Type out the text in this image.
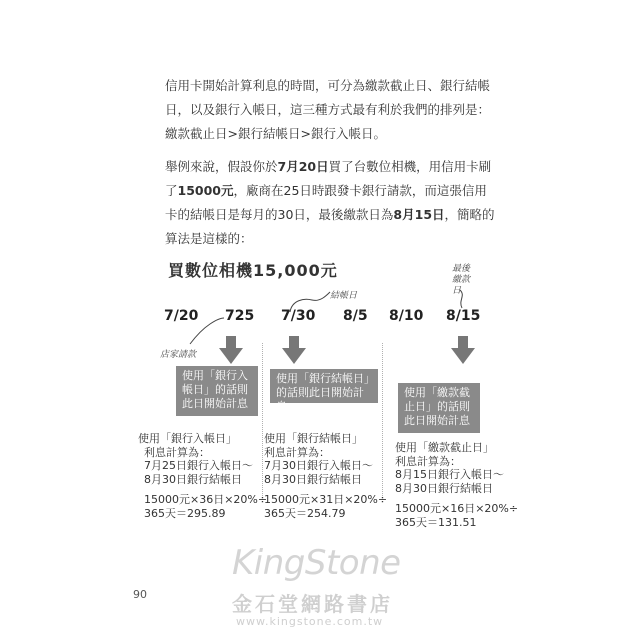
信用卡開始計算利息的時間，可分為繳款截止日、銀行結帳日，以及銀行入帳日，這三種方式最有利於我們的排列是：繳款截止日>銀行結帳日>銀行入帳日。
舉例來說，假設你於7月20日買了台數位相機，用信用卡刷了15000元，廠商在25日時跟發卡銀行請款，而這張信用卡的結帳日是每月的30日，最後繳款日為8月15日，簡略的算法是這樣的：
買數位相機15,000元
結帳日
最後繳款日
店家請款
7/20 725 7/30 8/5 8/10 8/15
使用「銀行入帳日」的話則此日開始計息
使用「銀行結帳日」的話則此日開始計息
使用「繳款截止日」的話則此日開始計息
使用「銀行入帳日」
利息計算為：
7月25日銀行入帳日～
8月30日銀行結帳日
15000元×36日×20%÷
365天＝295.89
使用「銀行結帳日」
利息計算為：
7月30日銀行入帳日～
8月30日銀行結帳日
15000元×31日×20%÷
365天＝254.79
使用「繳款截止日」
利息計算為：
8月15日銀行入帳日～
8月30日銀行結帳日
15000元×16日×20%÷
365天＝131.51
90
KingStone
金石堂網路書店
www.kingstone.com.tw
